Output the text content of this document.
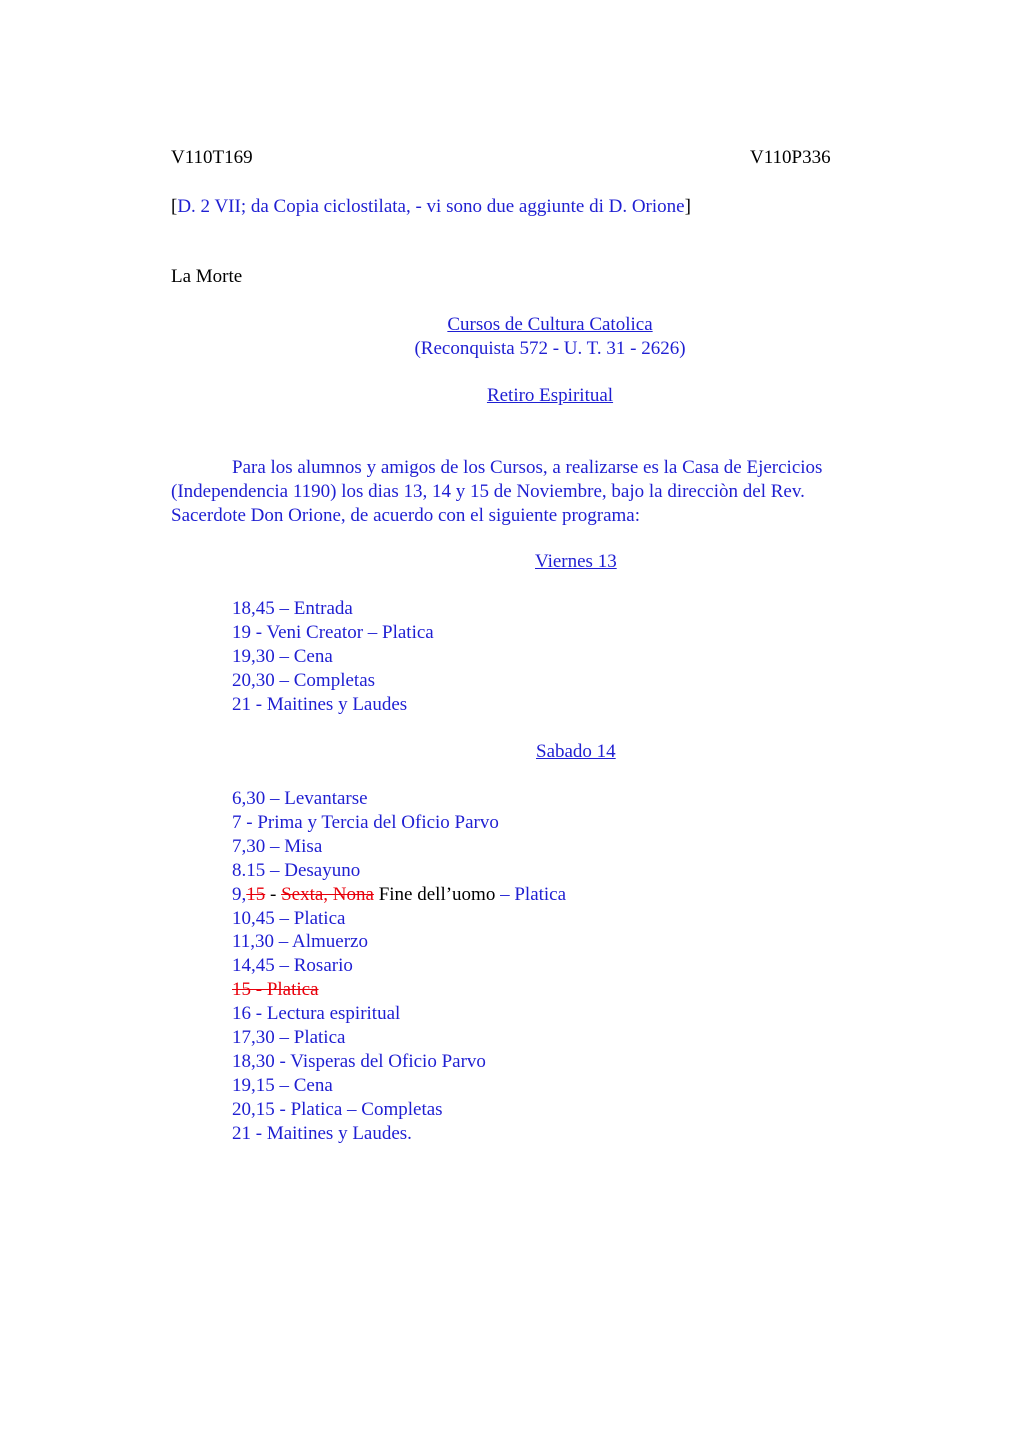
V110T169	V110P336
[D. 2 VII; da Copia ciclostilata, - vi sono due aggiunte di D. Orione]
La Morte
Cursos de Cultura Catolica
(Reconquista 572 - U. T. 31 - 2626)
Retiro Espiritual
Para los alumnos y amigos de los Cursos, a realizarse es la Casa de Ejercicios (Independencia 1190) los dias 13, 14 y 15 de Noviembre, bajo la direcciòn del Rev. Sacerdote Don Orione, de acuerdo con el siguiente programa:
Viernes 13
18,45 – Entrada
19 - Veni Creator – Platica
19,30 – Cena
20,30 – Completas
21 - Maitines y Laudes
Sabado 14
6,30 – Levantarse
7 - Prima y Tercia del Oficio Parvo
7,30 – Misa
8.15 – Desayuno
9,15 - Sexta, Nona Fine dell’uomo – Platica
10,45 – Platica
11,30 – Almuerzo
14,45 – Rosario
15 - Platica
16 - Lectura espiritual
17,30 – Platica
18,30 - Visperas del Oficio Parvo
19,15 – Cena
20,15 - Platica – Completas
21 - Maitines y Laudes.
